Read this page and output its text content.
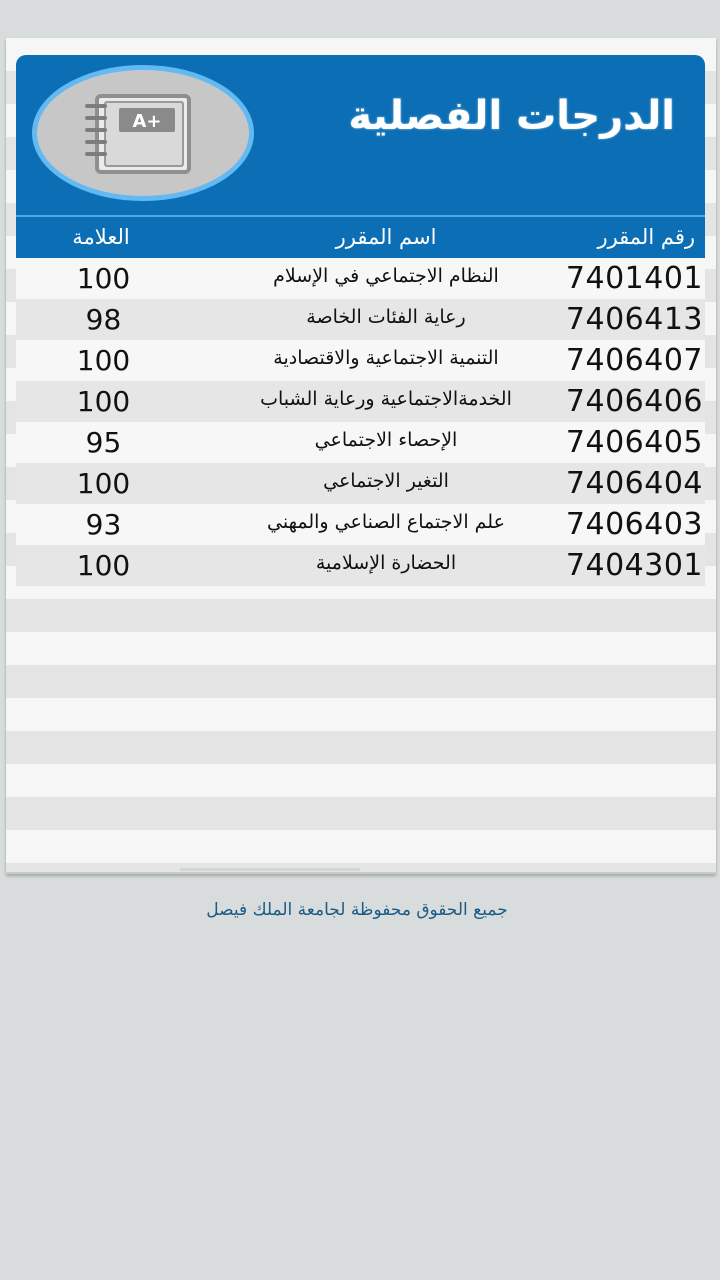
A+	الدرجات الفصلية
رقم المقرر
اسم المقرر
العلامة
7401401
النظام الاجتماعي في الإسلام
100
7406413
رعاية الفئات الخاصة
98
7406407
التنمية الاجتماعية والاقتصادية
100
7406406
الخدمةالاجتماعية ورعاية الشباب
100
7406405
الإحصاء الاجتماعي
95
7406404
التغير الاجتماعي
100
7406403
علم الاجتماع الصناعي والمهني
93
7404301
الحضارة الإسلامية
100
جميع الحقوق محفوظة لجامعة الملك فيصل
